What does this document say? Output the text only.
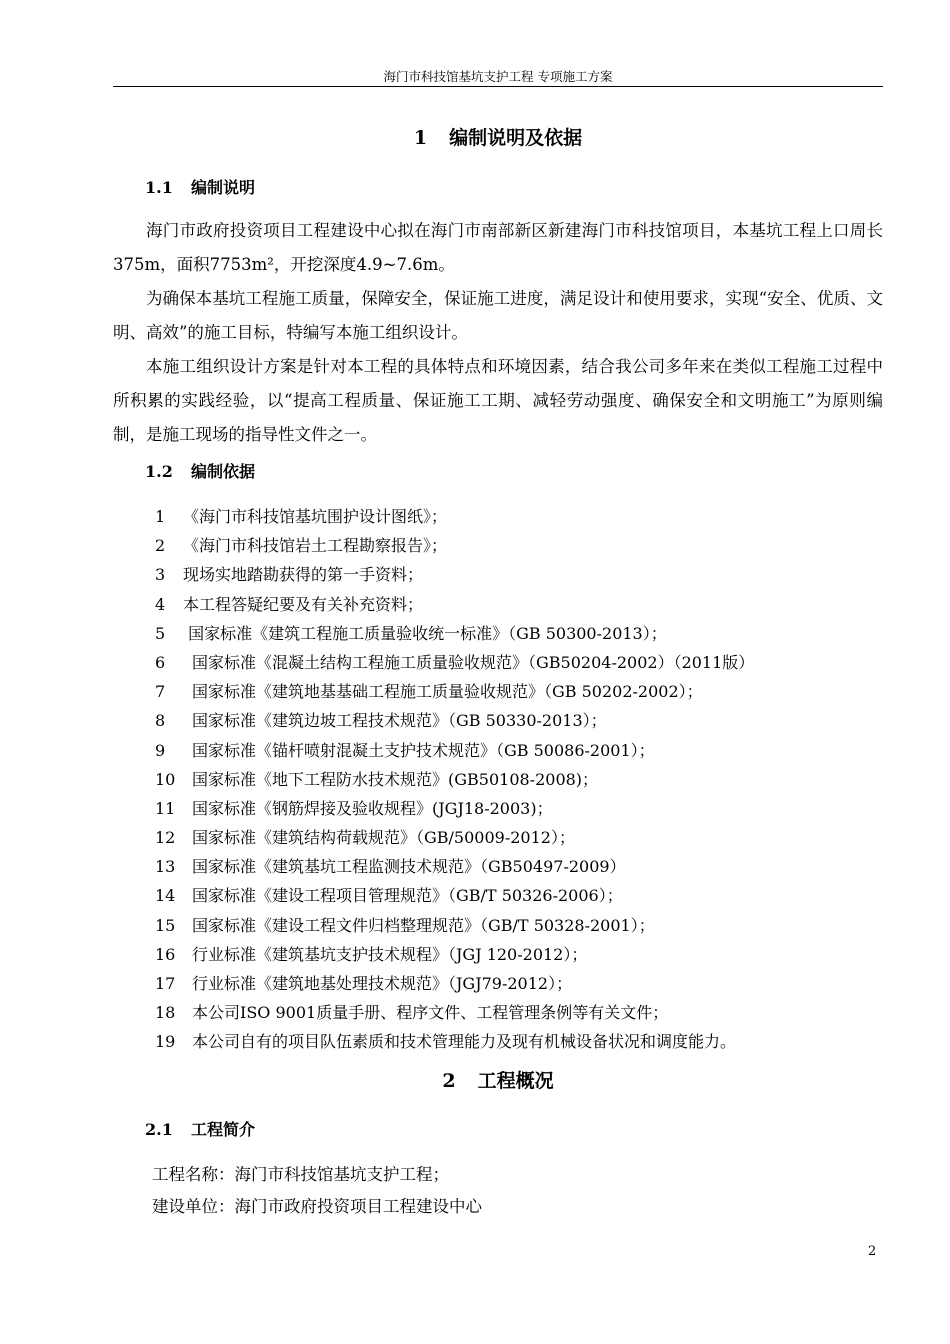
海门市科技馆基坑支护工程 专项施工方案
1 编制说明及依据
1.1 编制说明

海门市政府投资项目工程建设中心拟在海门市南部新区新建海门市科技馆项目，本基坑工程上口周长375m，面积7753m²，开挖深度4.9~7.6m。

为确保本基坑工程施工质量，保障安全，保证施工进度，满足设计和使用要求，实现“安全、优质、文明、高效”的施工目标，特编写本施工组织设计。

本施工组织设计方案是针对本工程的具体特点和环境因素，结合我公司多年来在类似工程施工过程中所积累的实践经验，以“提高工程质量、保证施工工期、减轻劳动强度、确保安全和文明施工”为原则编制，是施工现场的指导性文件之一。

1.2 编制依据
1 《海门市科技馆基坑围护设计图纸》；
2 《海门市科技馆岩土工程勘察报告》；
3 现场实地踏勘获得的第一手资料；
4 本工程答疑纪要及有关补充资料；
5 国家标准《建筑工程施工质量验收统一标准》（GB 50300-2013）；
6 国家标准《混凝土结构工程施工质量验收规范》（GB50204-2002）（2011版）
7 国家标准《建筑地基基础工程施工质量验收规范》（GB 50202-2002）；
8 国家标准《建筑边坡工程技术规范》（GB 50330-2013）；
9 国家标准《锚杆喷射混凝土支护技术规范》（GB 50086-2001）；
10 国家标准《地下工程防水技术规范》(GB50108-2008)；
11 国家标准《钢筋焊接及验收规程》(JGJ18-2003)；
12 国家标准《建筑结构荷载规范》（GB/50009-2012）；
13 国家标准《建筑基坑工程监测技术规范》（GB50497-2009）
14 国家标准《建设工程项目管理规范》（GB/T 50326-2006）；
15 国家标准《建设工程文件归档整理规范》（GB/T 50328-2001）；
16 行业标准《建筑基坑支护技术规程》（JGJ 120-2012）；
17 行业标准《建筑地基处理技术规范》（JGJ79-2012）；
18 本公司ISO 9001质量手册、程序文件、工程管理条例等有关文件；
19 本公司自有的项目队伍素质和技术管理能力及现有机械设备状况和调度能力。
2 工程概况
2.1 工程简介
工程名称：海门市科技馆基坑支护工程；
建设单位：海门市政府投资项目工程建设中心
2
